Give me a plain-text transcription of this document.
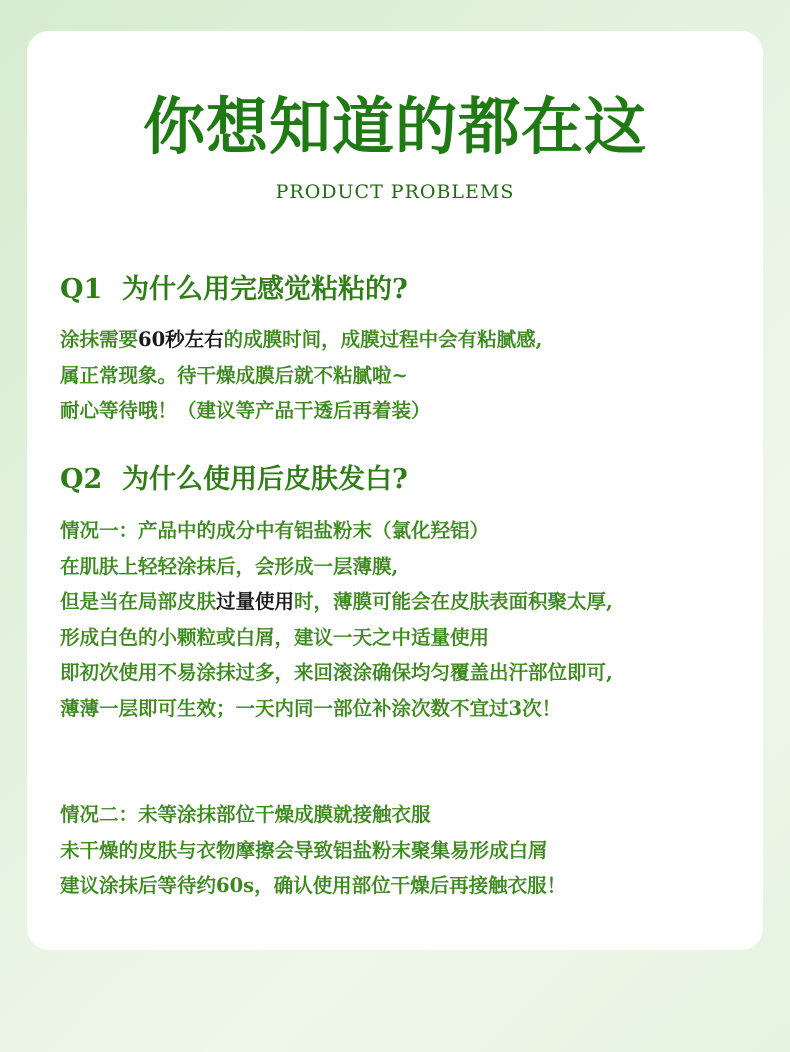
你想知道的都在这
PRODUCT PROBLEMS
Q1 为什么用完感觉粘粘的?
涂抹需要60秒左右的成膜时间，成膜过程中会有粘腻感,
属正常现象。待干燥成膜后就不粘腻啦~
耐心等待哦！（建议等产品干透后再着装）
Q2 为什么使用后皮肤发白?
情况一：产品中的成分中有铝盐粉末（氯化羟铝）
在肌肤上轻轻涂抹后，会形成一层薄膜,
但是当在局部皮肤过量使用时，薄膜可能会在皮肤表面积聚太厚,
形成白色的小颗粒或白屑，建议一天之中适量使用
即初次使用不易涂抹过多，来回滚涂确保均匀覆盖出汗部位即可,
薄薄一层即可生效；一天内同一部位补涂次数不宜过3次！
情况二：未等涂抹部位干燥成膜就接触衣服
未干燥的皮肤与衣物摩擦会导致铝盐粉末聚集易形成白屑
建议涂抹后等待约60s，确认使用部位干燥后再接触衣服！
